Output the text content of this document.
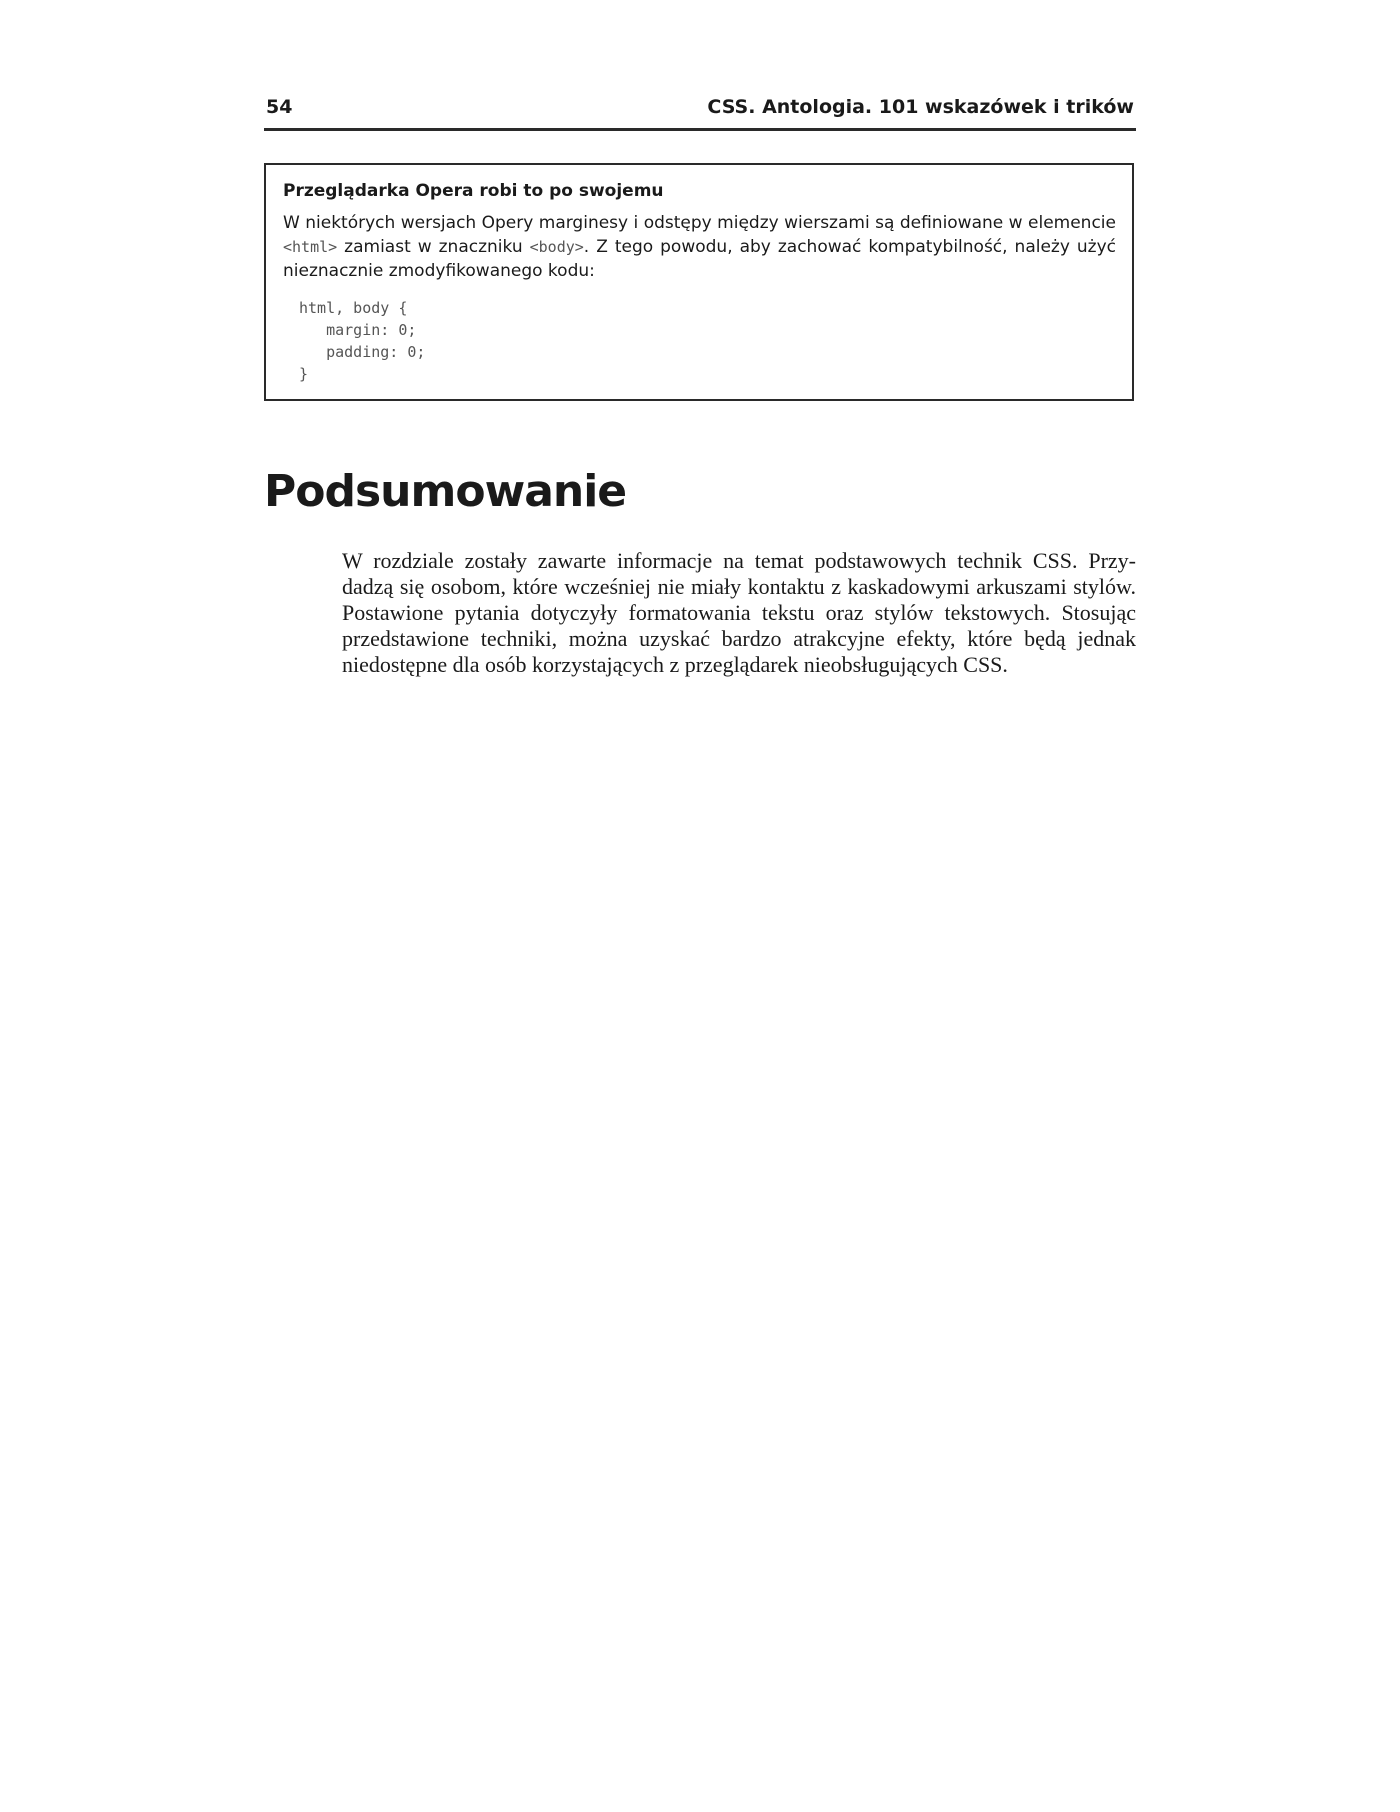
54	CSS. Antologia. 101 wskazówek i trików
Przeglądarka Opera robi to po swojemu

W niektórych wersjach Opery marginesy i odstępy między wierszami są definiowane w elemencie <html> zamiast w znaczniku <body>. Z tego powodu, aby zachować kompatybilność, należy użyć nieznacznie zmodyfikowanego kodu:

html, body {
margin: 0;
padding: 0;
}
Podsumowanie

W rozdziale zostały zawarte informacje na temat podstawowych technik CSS. Przy-
dadzą się osobom, które wcześniej nie miały kontaktu z kaskadowymi arkuszami stylów.
Postawione pytania dotyczyły formatowania tekstu oraz stylów tekstowych. Stosując
przedstawione techniki, można uzyskać bardzo atrakcyjne efekty, które będą jednak
niedostępne dla osób korzystających z przeglądarek nieobsługujących CSS.
